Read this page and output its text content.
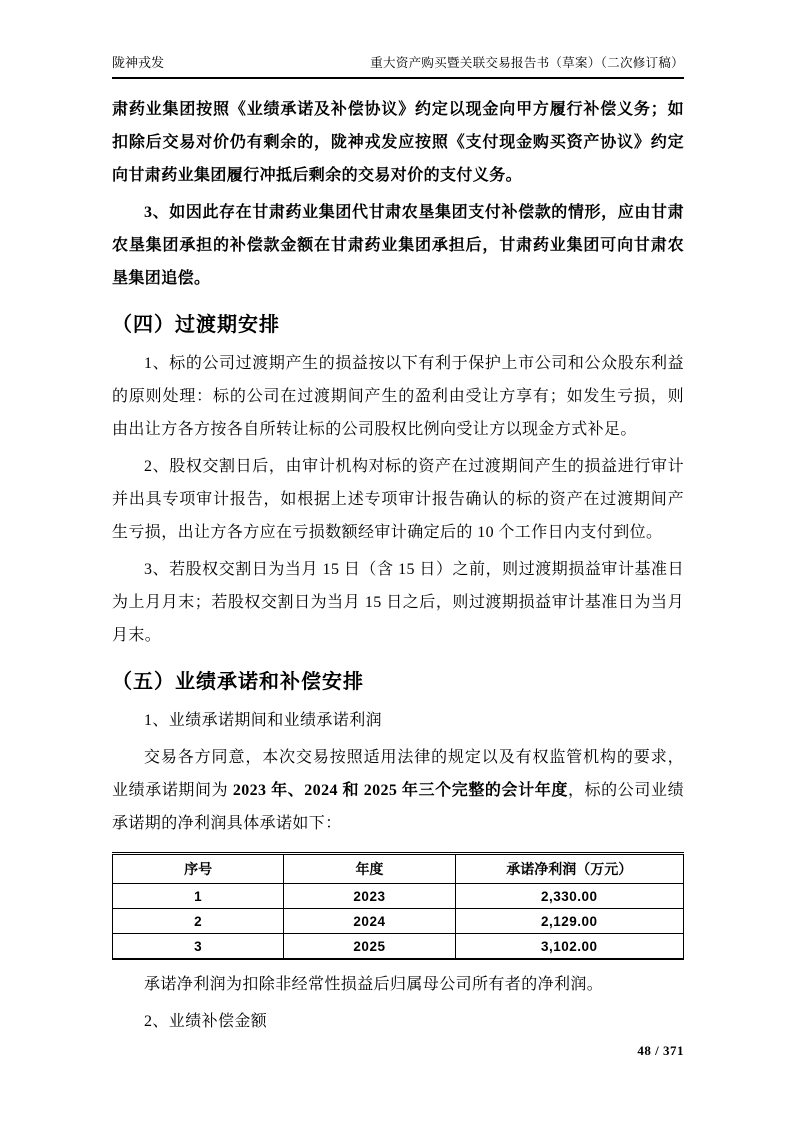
陇神戎发	重大资产购买暨关联交易报告书（草案）（二次修订稿）

肃药业集团按照《业绩承诺及补偿协议》约定以现金向甲方履行补偿义务；如扣除后交易对价仍有剩余的，陇神戎发应按照《支付现金购买资产协议》约定向甘肃药业集团履行冲抵后剩余的交易对价的支付义务。

3、如因此存在甘肃药业集团代甘肃农垦集团支付补偿款的情形，应由甘肃农垦集团承担的补偿款金额在甘肃药业集团承担后，甘肃药业集团可向甘肃农垦集团追偿。

（四）过渡期安排

1、标的公司过渡期产生的损益按以下有利于保护上市公司和公众股东利益的原则处理：标的公司在过渡期间产生的盈利由受让方享有；如发生亏损，则由出让方各方按各自所转让标的公司股权比例向受让方以现金方式补足。

2、股权交割日后，由审计机构对标的资产在过渡期间产生的损益进行审计并出具专项审计报告，如根据上述专项审计报告确认的标的资产在过渡期间产生亏损，出让方各方应在亏损数额经审计确定后的 10 个工作日内支付到位。

3、若股权交割日为当月 15 日（含 15 日）之前，则过渡期损益审计基准日为上月月末；若股权交割日为当月 15 日之后，则过渡期损益审计基准日为当月月末。

（五）业绩承诺和补偿安排

1、业绩承诺期间和业绩承诺利润

交易各方同意，本次交易按照适用法律的规定以及有权监管机构的要求，业绩承诺期间为 2023 年、2024 和 2025 年三个完整的会计年度，标的公司业绩承诺期的净利润具体承诺如下：

序号	年度	承诺净利润（万元）
1	2023	2,330.00
2	2024	2,129.00
3	2025	3,102.00

承诺净利润为扣除非经常性损益后归属母公司所有者的净利润。

2、业绩补偿金额

48 / 371
